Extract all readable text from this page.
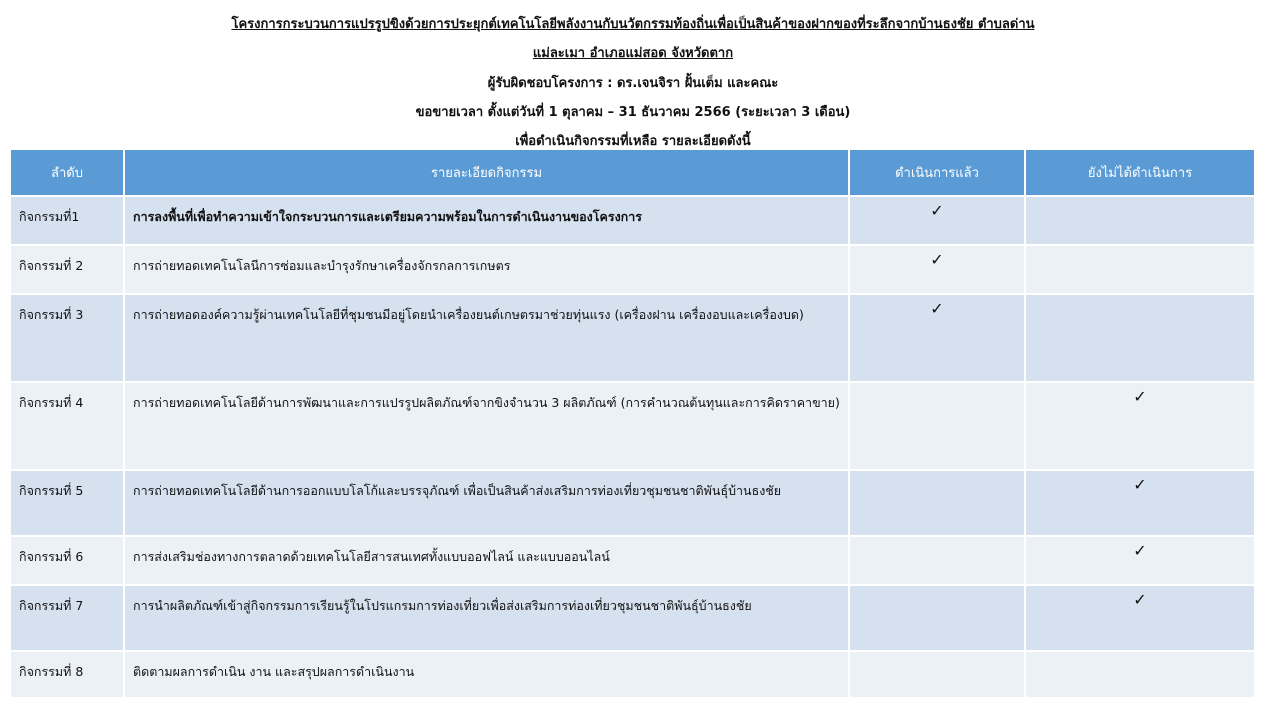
โครงการกระบวนการแปรรูปขิงด้วยการประยุกต์เทคโนโลยีพลังงานกับนวัตกรรมท้องถิ่นเพื่อเป็นสินค้าของฝากของที่ระลึกจากบ้านธงชัย ตำบลด่าน
แม่ละเมา อำเภอแม่สอด จังหวัดตาก
ผู้รับผิดชอบโครงการ : ดร.เจนจิรา ฝั้นเต็ม และคณะ
ขอขายเวลา ตั้งแต่วันที่ 1 ตุลาคม – 31 ธันวาคม 2566 (ระยะเวลา 3 เดือน)
เพื่อดำเนินกิจกรรมที่เหลือ รายละเอียดดังนี้
ลำดับ	รายละเอียดกิจกรรม	ดำเนินการแล้ว	ยังไม่ได้ดำเนินการ
กิจกรรมที่1	การลงพื้นที่เพื่อทำความเข้าใจกระบวนการและเตรียมความพร้อมในการดำเนินงานของโครงการ	✓	
กิจกรรมที่ 2	การถ่ายทอดเทคโนโลนีการซ่อมและบำรุงรักษาเครื่องจักรกลการเกษตร	✓	
กิจกรรมที่ 3	การถ่ายทอดองค์ความรู้ผ่านเทคโนโลยีที่ชุมชนมีอยู่โดยนำเครื่องยนต์เกษตรมาช่วยทุ่นแรง (เครื่องฝาน เครื่องอบและเครื่องบด)	✓	
กิจกรรมที่ 4	การถ่ายทอดเทคโนโลยีด้านการพัฒนาและการแปรรูปผลิตภัณฑ์จากขิงจำนวน 3 ผลิตภัณฑ์ (การคำนวณต้นทุนและการคิดราคาขาย)		✓
กิจกรรมที่ 5	การถ่ายทอดเทคโนโลยีด้านการออกแบบโลโก้และบรรจุภัณฑ์ เพื่อเป็นสินค้าส่งเสริมการท่องเที่ยวชุมชนชาติพันธุ์บ้านธงชัย		✓
กิจกรรมที่ 6	การส่งเสริมช่องทางการตลาดด้วยเทคโนโลยีสารสนเทศทั้งแบบออฟไลน์ และแบบออนไลน์		✓
กิจกรรมที่ 7	การนำผลิตภัณฑ์เข้าสู่กิจกรรมการเรียนรู้ในโปรแกรมการท่องเที่ยวเพื่อส่งเสริมการท่องเที่ยวชุมชนชาติพันธุ์บ้านธงชัย		✓
กิจกรรมที่ 8	ติดตามผลการดำเนิน งาน และสรุปผลการดำเนินงาน		
